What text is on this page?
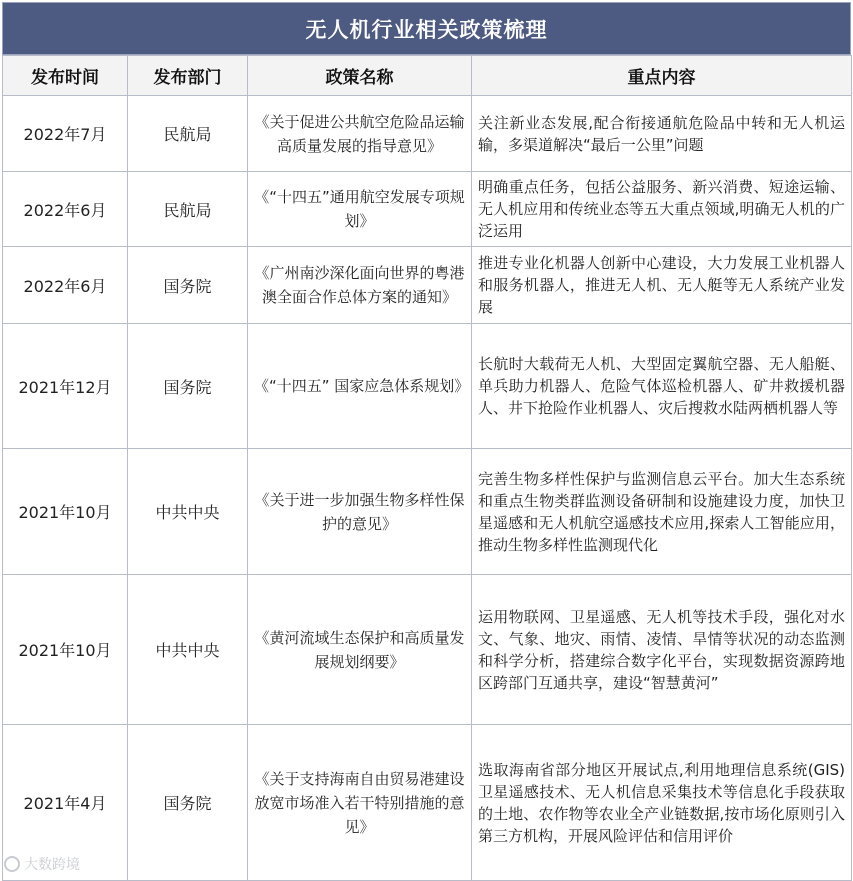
无人机行业相关政策梳理
发布时间	发布部门	政策名称	重点内容
2022年7月	民航局	《关于促进公共航空危险品运输高质量发展的指导意见》	关注新业态发展,配合衔接通航危险品中转和无人机运输，多渠道解决“最后一公里”问题
2022年6月	民航局	《“十四五”通用航空发展专项规划》	明确重点任务，包括公益服务、新兴消费、短途运输、无人机应用和传统业态等五大重点领域,明确无人机的广泛运用
2022年6月	国务院	《广州南沙深化面向世界的粤港澳全面合作总体方案的通知》	推进专业化机器人创新中心建设，大力发展工业机器人和服务机器人，推进无人机、无人艇等无人系统产业发展
2021年12月	国务院	《“十四五” 国家应急体系规划》	长航时大载荷无人机、大型固定翼航空器、无人船艇、单兵助力机器人、危险气体巡检机器人、矿井救援机器人、井下抢险作业机器人、灾后搜救水陆两栖机器人等
2021年10月	中共中央	《关于进一步加强生物多样性保护的意见》	完善生物多样性保护与监测信息云平台。加大生态系统和重点生物类群监测设备研制和设施建设力度，加快卫星遥感和无人机航空遥感技术应用,探索人工智能应用，推动生物多样性监测现代化
2021年10月	中共中央	《黄河流域生态保护和高质量发展规划纲要》	运用物联网、卫星遥感、无人机等技术手段，强化对水文、气象、地灾、雨情、凌情、旱情等状况的动态监测和科学分析，搭建综合数字化平台，实现数据资源跨地区跨部门互通共享，建设“智慧黄河”
2021年4月	国务院	《关于支持海南自由贸易港建设放宽市场准入若干特别措施的意见》	选取海南省部分地区开展试点,利用地理信息系统(GIS)卫星遥感技术、无人机信息采集技术等信息化手段获取的土地、农作物等农业全产业链数据,按市场化原则引入第三方机构，开展风险评估和信用评价
大数跨境
